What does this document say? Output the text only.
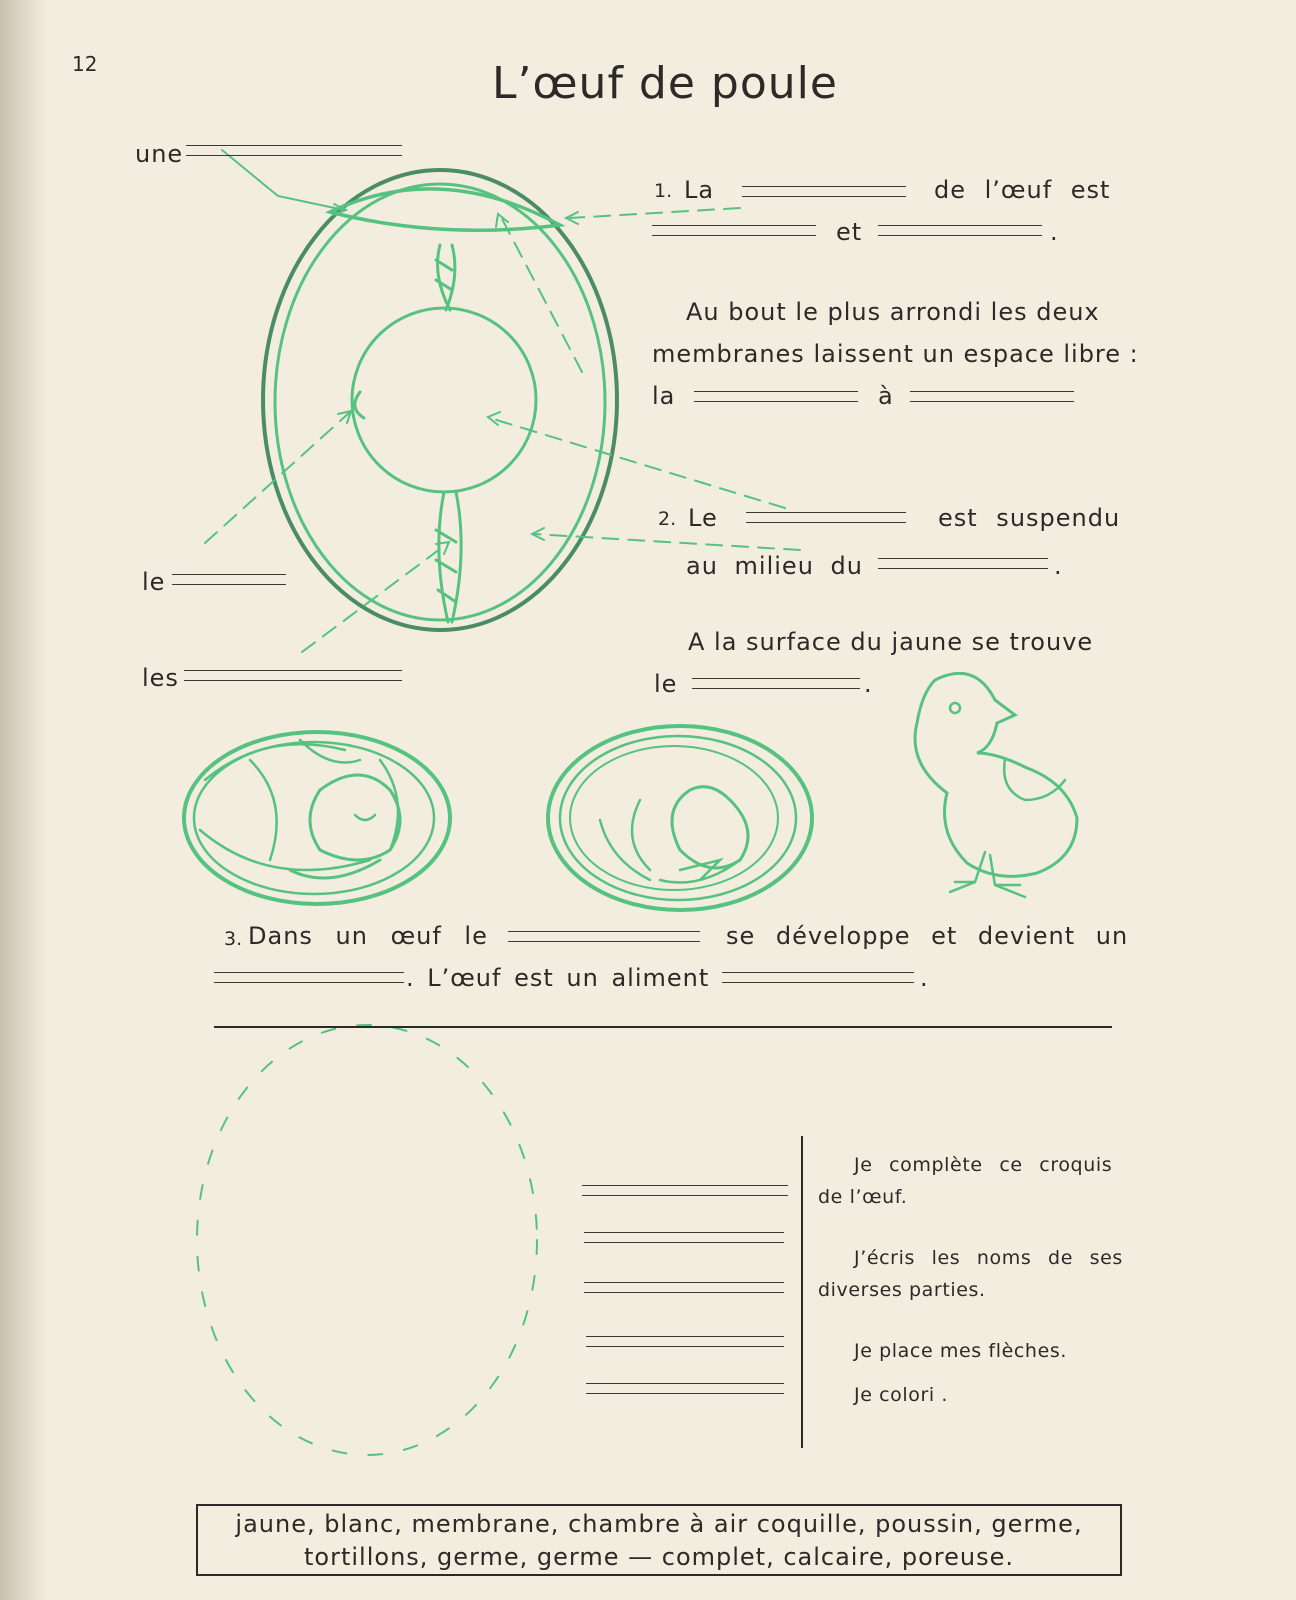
12	L’œuf de poule
une
le
les
1. La	de l’œuf est
et	.
Au bout le plus arrondi les deux
membranes laissent un espace libre :
la	à
2. Le	est suspendu
au milieu du	.
A la surface du jaune se trouve
le	.
3. Dans un œuf le	se développe et devient un
. L’œuf est un aliment	.
Je complète ce croquis
de l’œuf.
J’écris les noms de ses
diverses parties.
Je place mes flèches.
Je colori .
jaune, blanc, membrane, chambre à air coquille, poussin, germe,
tortillons, germe, germe — complet, calcaire, poreuse.
